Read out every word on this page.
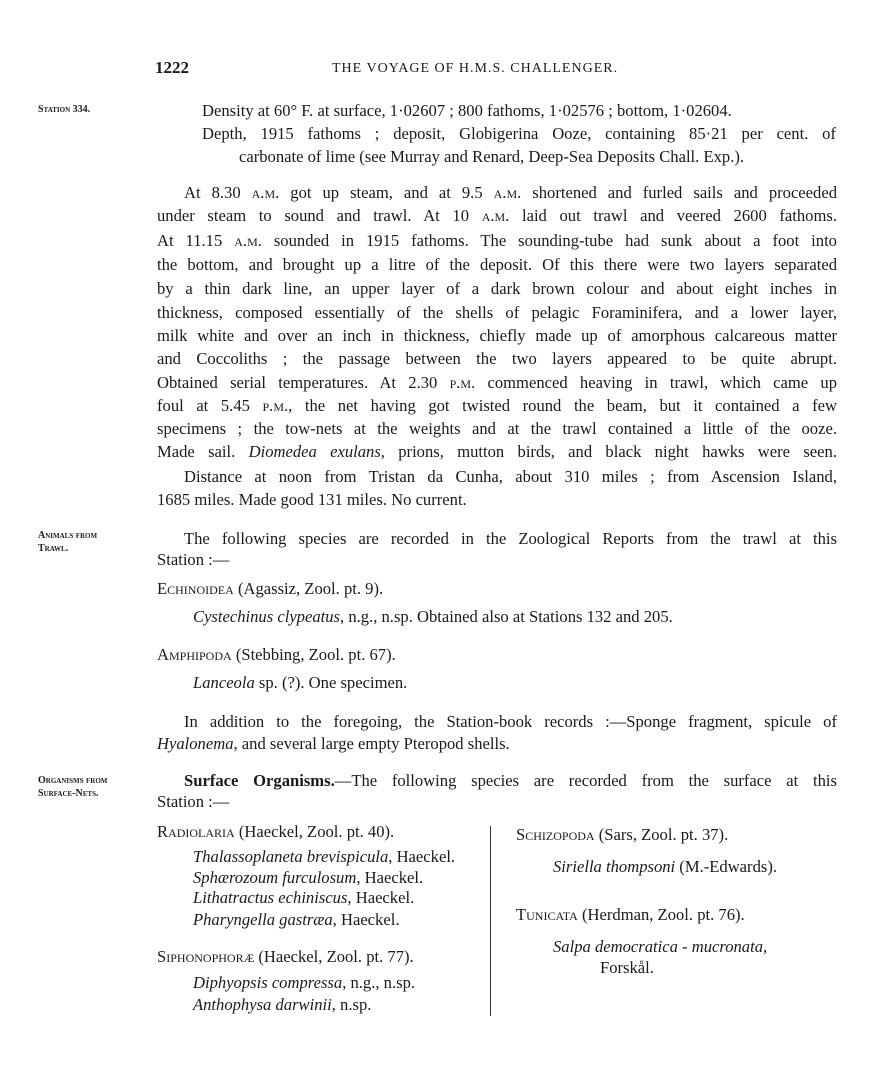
1222	THE VOYAGE OF H.M.S. CHALLENGER.
Station 334.
Animals from
Trawl.
Organisms from
Surface-Nets.
Density at 60° F. at surface, 1·02607 ; 800 fathoms, 1·02576 ; bottom, 1·02604.
Depth, 1915 fathoms ; deposit, Globigerina Ooze, containing 85·21 per cent. of
carbonate of lime (see Murray and Renard, Deep-Sea Deposits Chall. Exp.).
At 8.30 a.m. got up steam, and at 9.5 a.m. shortened and furled sails and proceeded
under steam to sound and trawl. At 10 a.m. laid out trawl and veered 2600 fathoms.
At 11.15 a.m. sounded in 1915 fathoms. The sounding-tube had sunk about a foot into
the bottom, and brought up a litre of the deposit. Of this there were two layers separated
by a thin dark line, an upper layer of a dark brown colour and about eight inches in
thickness, composed essentially of the shells of pelagic Foraminifera, and a lower layer,
milk white and over an inch in thickness, chiefly made up of amorphous calcareous matter
and Coccoliths ; the passage between the two layers appeared to be quite abrupt.
Obtained serial temperatures. At 2.30 p.m. commenced heaving in trawl, which came up
foul at 5.45 p.m., the net having got twisted round the beam, but it contained a few
specimens ; the tow-nets at the weights and at the trawl contained a little of the ooze.
Made sail. Diomedea exulans, prions, mutton birds, and black night hawks were seen.
Distance at noon from Tristan da Cunha, about 310 miles ; from Ascension Island,
1685 miles. Made good 131 miles. No current.
The following species are recorded in the Zoological Reports from the trawl at this
Station :—
Echinoidea (Agassiz, Zool. pt. 9).
Cystechinus clypeatus, n.g., n.sp. Obtained also at Stations 132 and 205.
Amphipoda (Stebbing, Zool. pt. 67).
Lanceola sp. (?). One specimen.
In addition to the foregoing, the Station-book records :—Sponge fragment, spicule of
Hyalonema, and several large empty Pteropod shells.
Surface Organisms.—The following species are recorded from the surface at this
Station :—
Radiolaria (Haeckel, Zool. pt. 40).
Thalassoplaneta brevispicula, Haeckel.
Sphærozoum furculosum, Haeckel.
Lithatractus echiniscus, Haeckel.
Pharyngella gastræa, Haeckel.
Siphonophoræ (Haeckel, Zool. pt. 77).
Diphyopsis compressa, n.g., n.sp.
Anthophysa darwinii, n.sp.
Schizopoda (Sars, Zool. pt. 37).
Siriella thompsoni (M.-Edwards).
Tunicata (Herdman, Zool. pt. 76).
Salpa democratica - mucronata,
Forskål.
